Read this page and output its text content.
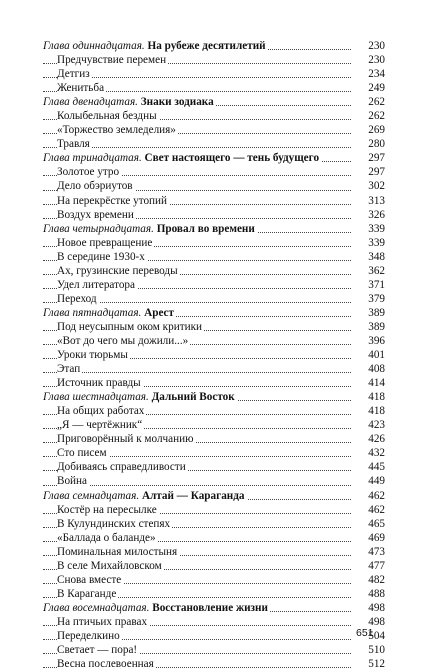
Глава одиннадцатая. На рубеже десятилетий	230
Предчувствие перемен	230
Детгиз	234
Женитьба	249
Глава двенадцатая. Знаки зодиака	262
Колыбельная бездны	262
«Торжество земледелия»	269
Травля	280
Глава тринадцатая. Свет настоящего — тень будущего	297
Золотое утро	297
Дело обэриутов	302
На перекрёстке утопий	313
Воздух времени	326
Глава четырнадцатая. Провал во времени	339
Новое превращение	339
В середине 1930-х	348
Ах, грузинские переводы	362
Удел литератора	371
Переход	379
Глава пятнадцатая. Арест	389
Под неусыпным оком критики	389
«Вот до чего мы дожили...»	396
Уроки тюрьмы	401
Этап	408
Источник правды	414
Глава шестнадцатая. Дальний Восток	418
На общих работах	418
„Я — чертёжник“	423
Приговорённый к молчанию	426
Сто писем	432
Добиваясь справедливости	445
Война	449
Глава семнадцатая. Алтай — Караганда	462
Костёр на пересылке	462
В Кулундинских степях	465
«Баллада о баланде»	469
Поминальная милостыня	473
В селе Михайловском	477
Снова вместе	482
В Караганде	488
Глава восемнадцатая. Восстановление жизни	498
На птичьих правах	498
Переделкино	504
Светает — пора!	510
Весна послевоенная	512
651
